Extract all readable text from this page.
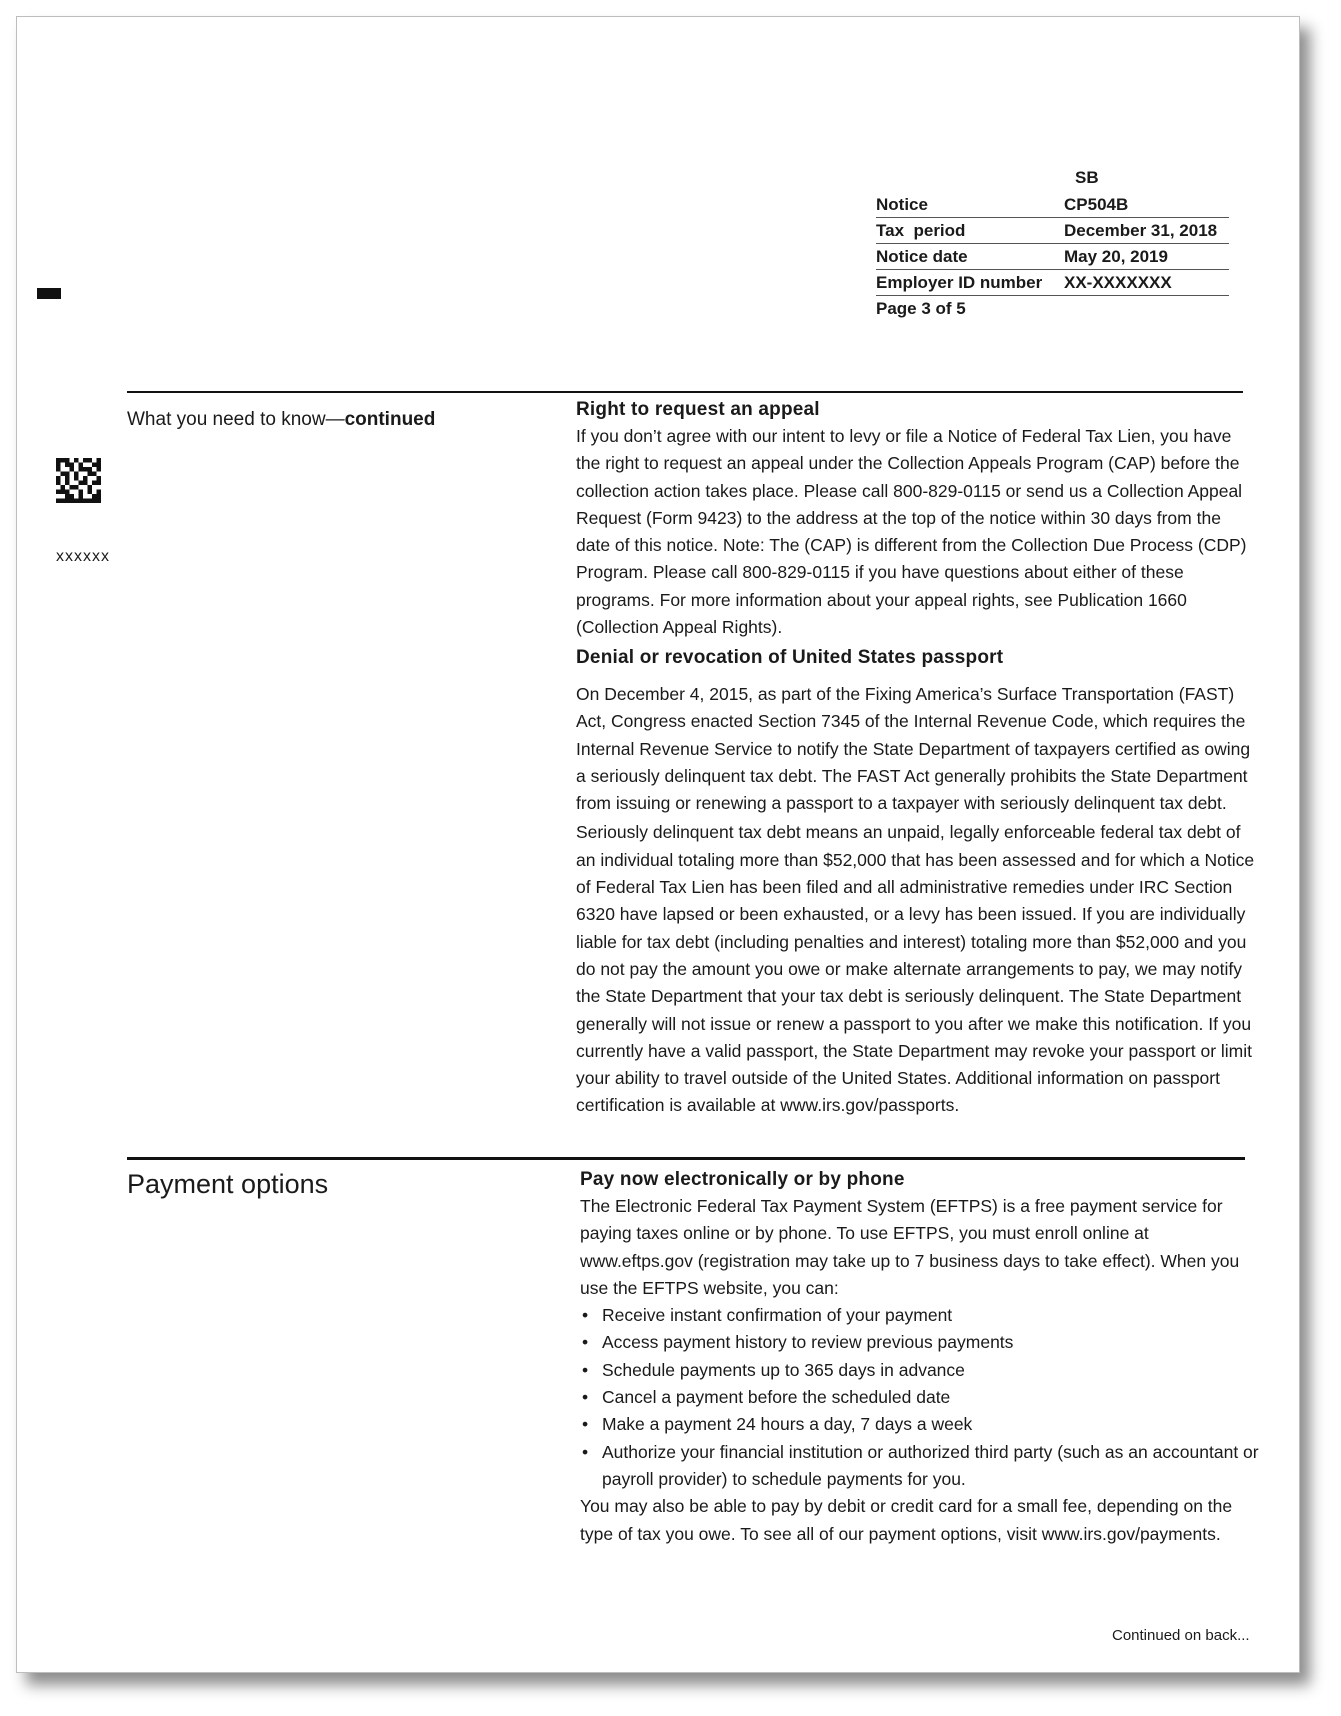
SB
Notice	CP504B
Tax  period	December 31, 2018
Notice date	May 20, 2019
Employer ID number	XX-XXXXXXX
Page 3 of 5	
xxxxxx
What you need to know—continued	Right to request an appeal

If you don’t agree with our intent to levy or file a Notice of Federal Tax Lien, you have the right to request an appeal under the Collection Appeals Program (CAP) before the collection action takes place. Please call 800-829-0115 or send us a Collection Appeal Request (Form 9423) to the address at the top of the notice within 30 days from the date of this notice. Note: The (CAP) is different from the Collection Due Process (CDP) Program. Please call 800-829-0115 if you have questions about either of these programs. For more information about your appeal rights, see Publication 1660 (Collection Appeal Rights).

Denial or revocation of United States passport

On December 4, 2015, as part of the Fixing America’s Surface Transportation (FAST) Act, Congress enacted Section 7345 of the Internal Revenue Code, which requires the Internal Revenue Service to notify the State Department of taxpayers certified as owing a seriously delinquent tax debt. The FAST Act generally prohibits the State Department from issuing or renewing a passport to a taxpayer with seriously delinquent tax debt.

Seriously delinquent tax debt means an unpaid, legally enforceable federal tax debt of an individual totaling more than $52,000 that has been assessed and for which a Notice of Federal Tax Lien has been filed and all administrative remedies under IRC Section 6320 have lapsed or been exhausted, or a levy has been issued. If you are individually liable for tax debt (including penalties and interest) totaling more than $52,000 and you do not pay the amount you owe or make alternate arrangements to pay, we may notify the State Department that your tax debt is seriously delinquent. The State Department generally will not issue or renew a passport to you after we make this notification. If you currently have a valid passport, the State Department may revoke your passport or limit your ability to travel outside of the United States. Additional information on passport certification is available at www.irs.gov/passports.

Payment options	Pay now electronically or by phone

The Electronic Federal Tax Payment System (EFTPS) is a free payment service for paying taxes online or by phone. To use EFTPS, you must enroll online at www.eftps.gov (registration may take up to 7 business days to take effect). When you use the EFTPS website, you can:

• Receive instant confirmation of your payment
• Access payment history to review previous payments
• Schedule payments up to 365 days in advance
• Cancel a payment before the scheduled date
• Make a payment 24 hours a day, 7 days a week
• Authorize your financial institution or authorized third party (such as an accountant or payroll provider) to schedule payments for you.

You may also be able to pay by debit or credit card for a small fee, depending on the type of tax you owe. To see all of our payment options, visit www.irs.gov/payments.

Continued on back...
